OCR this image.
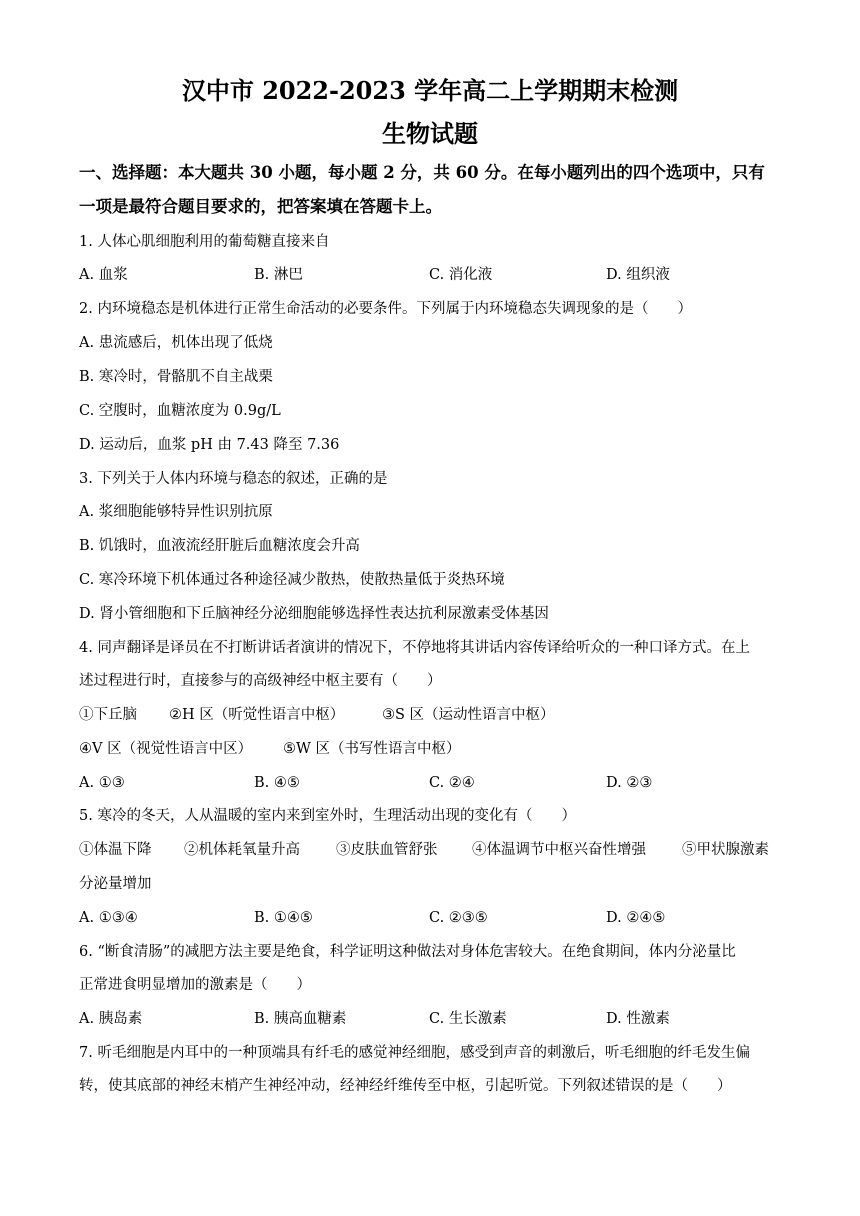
汉中市 2022-2023 学年高二上学期期末检测
生物试题
一、选择题：本大题共 30 小题，每小题 2 分，共 60 分。在每小题列出的四个选项中，只有
一项是最符合题目要求的，把答案填在答题卡上。
1. 人体心肌细胞利用的葡萄糖直接来自
A. 血浆	B. 淋巴	C. 消化液	D. 组织液
2. 内环境稳态是机体进行正常生命活动的必要条件。下列属于内环境稳态失调现象的是（　　）
A. 患流感后，机体出现了低烧
B. 寒冷时，骨骼肌不自主战栗
C. 空腹时，血糖浓度为 0.9g/L
D. 运动后，血浆 pH 由 7.43 降至 7.36
3. 下列关于人体内环境与稳态的叙述，正确的是
A. 浆细胞能够特异性识别抗原
B. 饥饿时，血液流经肝脏后血糖浓度会升高
C. 寒冷环境下机体通过各种途径减少散热，使散热量低于炎热环境
D. 肾小管细胞和下丘脑神经分泌细胞能够选择性表达抗利尿激素受体基因
4. 同声翻译是译员在不打断讲话者演讲的情况下，不停地将其讲话内容传译给听众的一种口译方式。在上
述过程进行时，直接参与的高级神经中枢主要有（　　）
①下丘脑 ②H 区（听觉性语言中枢）	③S 区（运动性语言中枢）
④V 区（视觉性语言中区） ⑤W 区（书写性语言中枢）
A. ①③	B. ④⑤	C. ②④	D. ②③
5. 寒冷的冬天，人从温暖的室内来到室外时，生理活动出现的变化有（　　）
①体温下降 ②机体耗氧量升高 ③皮肤血管舒张 ④体温调节中枢兴奋性增强 ⑤甲状腺激素
分泌量增加
A. ①③④	B. ①④⑤	C. ②③⑤	D. ②④⑤
6. “断食清肠”的减肥方法主要是绝食，科学证明这种做法对身体危害较大。在绝食期间，体内分泌量比
正常进食明显增加的激素是（　　）
A. 胰岛素	B. 胰高血糖素	C. 生长激素	D. 性激素
7. 听毛细胞是内耳中的一种顶端具有纤毛的感觉神经细胞，感受到声音的刺激后，听毛细胞的纤毛发生偏
转，使其底部的神经末梢产生神经冲动，经神经纤维传至中枢，引起听觉。下列叙述错误的是（　　）
